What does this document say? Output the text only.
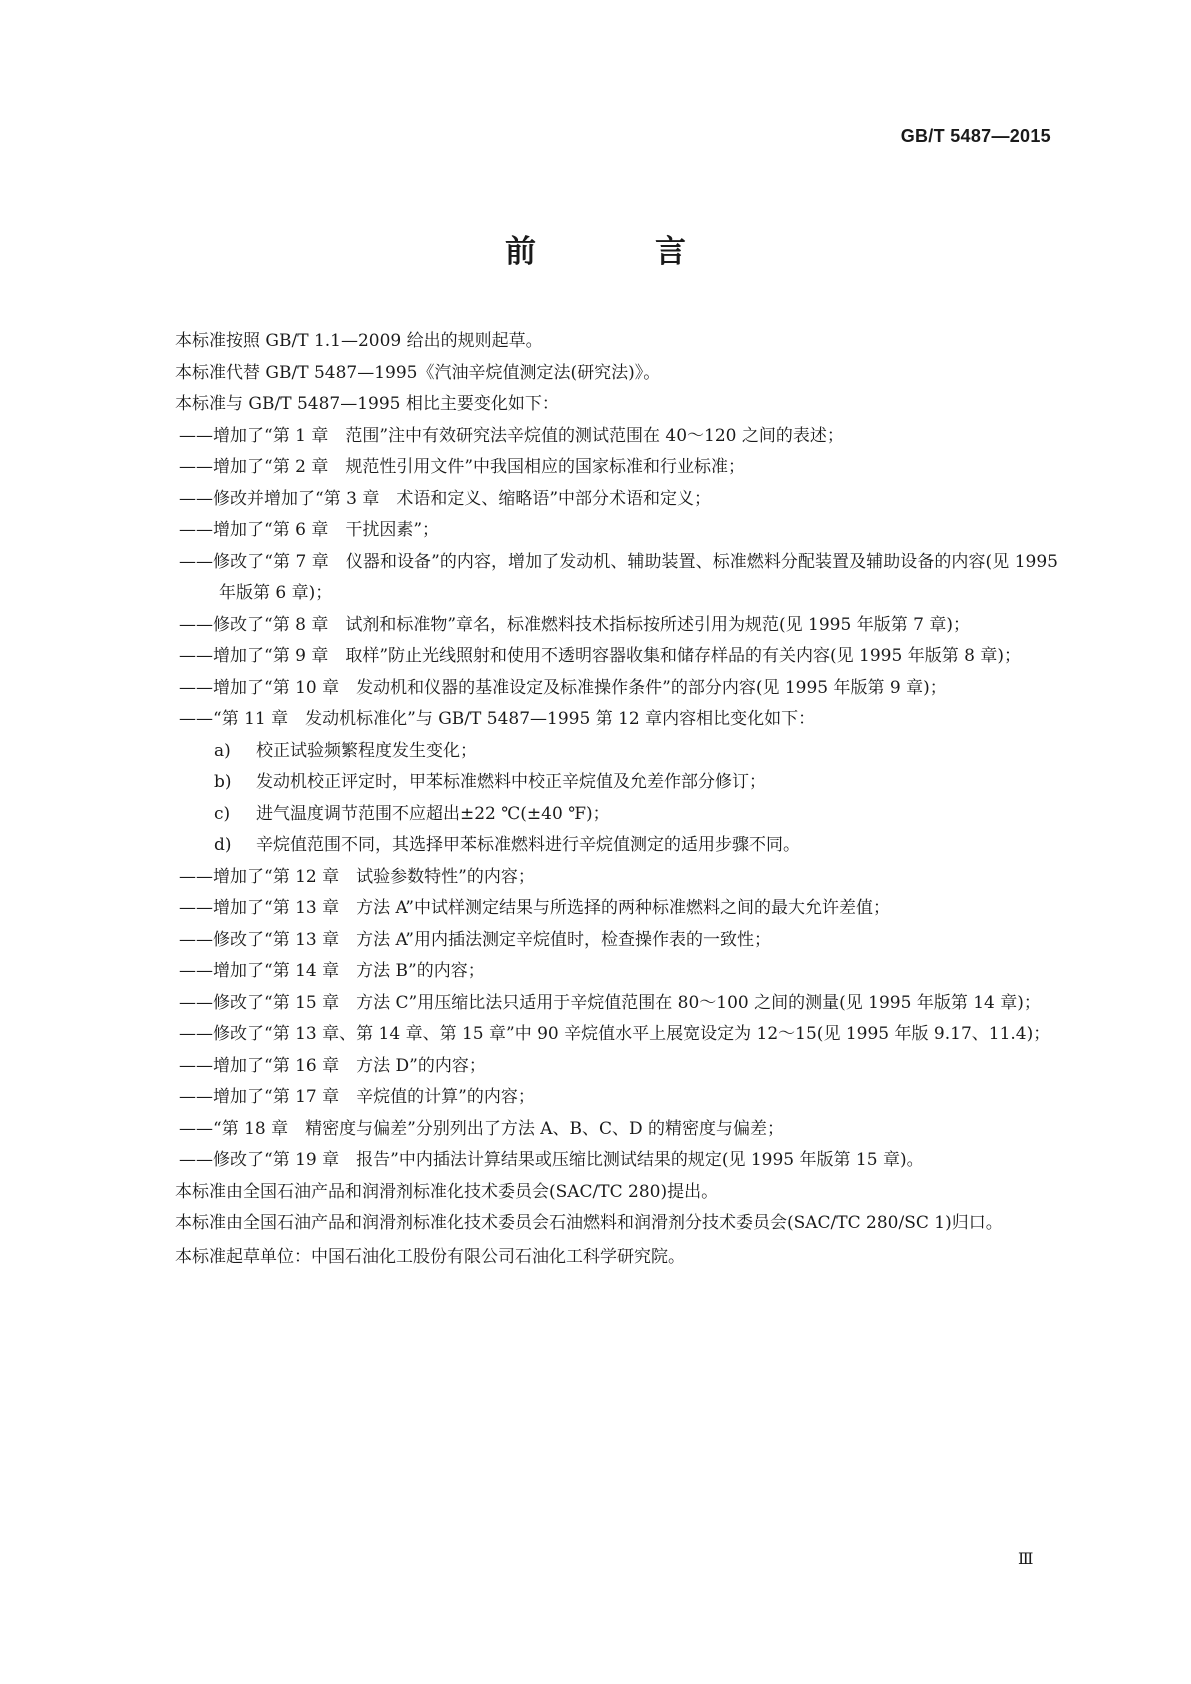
GB/T 5487—2015
前　言
本标准按照 GB/T 1.1—2009 给出的规则起草。
本标准代替 GB/T 5487—1995《汽油辛烷值测定法(研究法)》。
本标准与 GB/T 5487—1995 相比主要变化如下：
——增加了“第 1 章　范围”注中有效研究法辛烷值的测试范围在 40～120 之间的表述；
——增加了“第 2 章　规范性引用文件”中我国相应的国家标准和行业标准；
——修改并增加了“第 3 章　术语和定义、缩略语”中部分术语和定义；
——增加了“第 6 章　干扰因素”；
——修改了“第 7 章　仪器和设备”的内容，增加了发动机、辅助装置、标准燃料分配装置及辅助设备的内容(见 1995 年版第 6 章)；
——修改了“第 8 章　试剂和标准物”章名，标准燃料技术指标按所述引用为规范(见 1995 年版第 7 章)；
——增加了“第 9 章　取样”防止光线照射和使用不透明容器收集和储存样品的有关内容(见 1995 年版第 8 章)；
——增加了“第 10 章　发动机和仪器的基准设定及标准操作条件”的部分内容(见 1995 年版第 9 章)；
——“第 11 章　发动机标准化”与 GB/T 5487—1995 第 12 章内容相比变化如下：
a) 校正试验频繁程度发生变化；
b) 发动机校正评定时，甲苯标准燃料中校正辛烷值及允差作部分修订；
c) 进气温度调节范围不应超出±22 ℃(±40 ℉)；
d) 辛烷值范围不同，其选择甲苯标准燃料进行辛烷值测定的适用步骤不同。
——增加了“第 12 章　试验参数特性”的内容；
——增加了“第 13 章　方法 A”中试样测定结果与所选择的两种标准燃料之间的最大允许差值；
——修改了“第 13 章　方法 A”用内插法测定辛烷值时，检查操作表的一致性；
——增加了“第 14 章　方法 B”的内容；
——修改了“第 15 章　方法 C”用压缩比法只适用于辛烷值范围在 80～100 之间的测量(见 1995 年版第 14 章)；
——修改了“第 13 章、第 14 章、第 15 章”中 90 辛烷值水平上展宽设定为 12～15(见 1995 年版 9.17、11.4)；
——增加了“第 16 章　方法 D”的内容；
——增加了“第 17 章　辛烷值的计算”的内容；
——“第 18 章　精密度与偏差”分别列出了方法 A、B、C、D 的精密度与偏差；
——修改了“第 19 章　报告”中内插法计算结果或压缩比测试结果的规定(见 1995 年版第 15 章)。
本标准由全国石油产品和润滑剂标准化技术委员会(SAC/TC 280)提出。
本标准由全国石油产品和润滑剂标准化技术委员会石油燃料和润滑剂分技术委员会(SAC/TC 280/SC 1)归口。
本标准起草单位：中国石油化工股份有限公司石油化工科学研究院。
Ⅲ
